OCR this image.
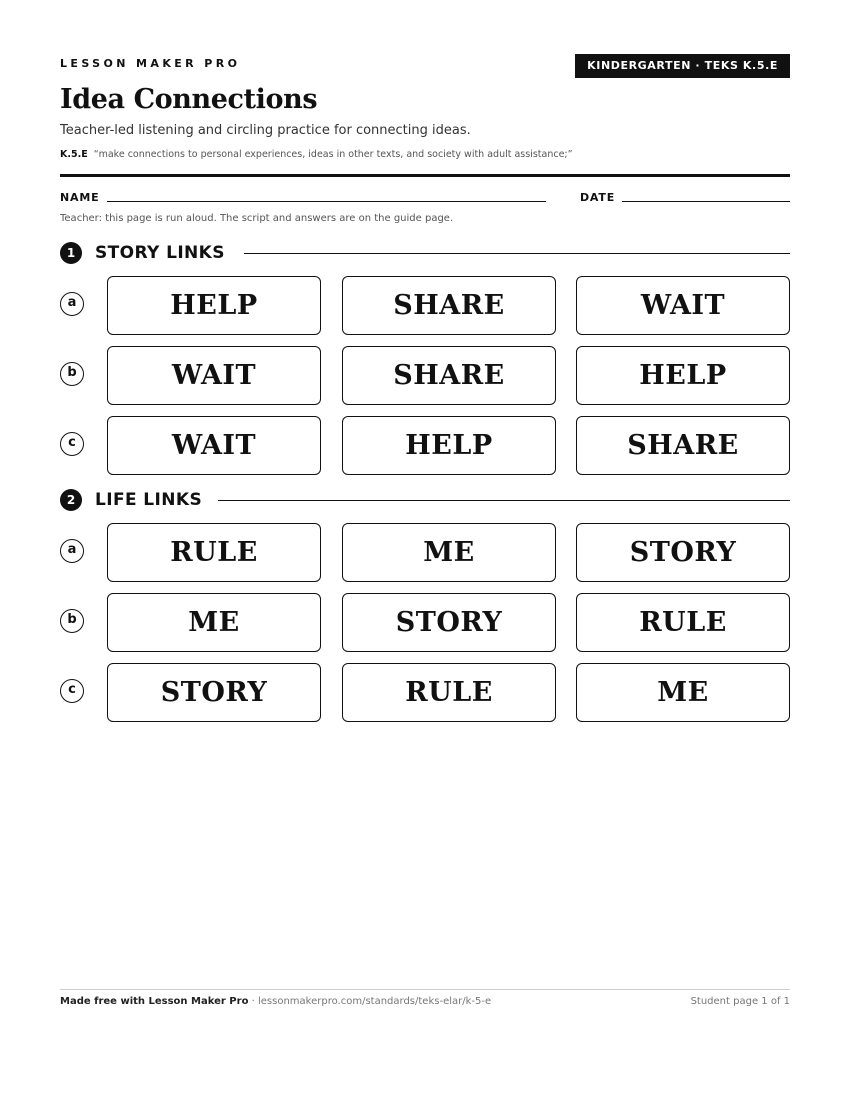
LESSON MAKER PRO	KINDERGARTEN · TEKS K.5.E
Idea Connections
Teacher-led listening and circling practice for connecting ideas.
K.5.E “make connections to personal experiences, ideas in other texts, and society with adult assistance;”
NAME	DATE
Teacher: this page is run aloud. The script and answers are on the guide page.
1	STORY LINKS
a	HELP	SHARE	WAIT
b	WAIT	SHARE	HELP
c	WAIT	HELP	SHARE
2	LIFE LINKS
a	RULE	ME	STORY
b	ME	STORY	RULE
c	STORY	RULE	ME
Made free with Lesson Maker Pro · lessonmakerpro.com/standards/teks-elar/k-5-e	Student page 1 of 1
